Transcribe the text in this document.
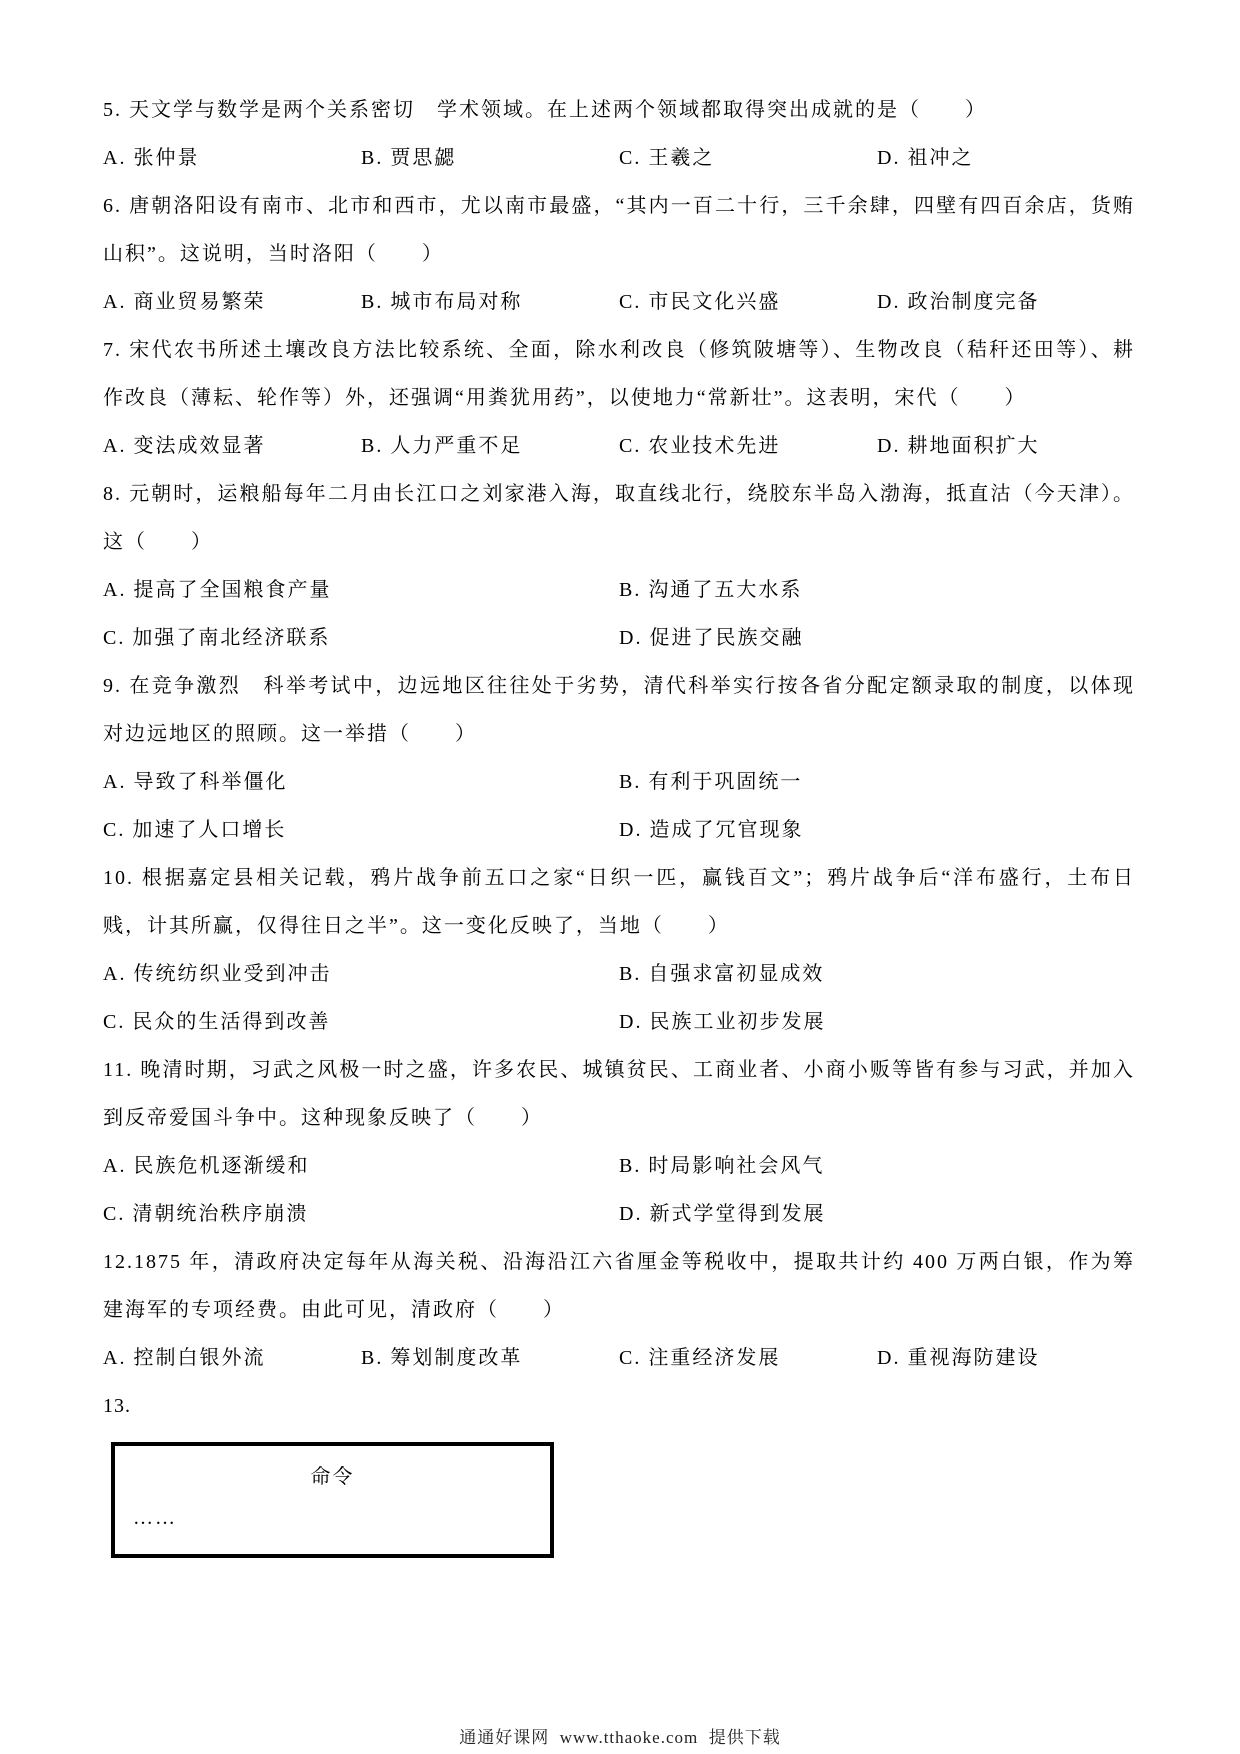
5. 天文学与数学是两个关系密切　学术领域。在上述两个领域都取得突出成就的是（　　）

A. 张仲景	B. 贾思勰	C. 王羲之	D. 祖冲之

6. 唐朝洛阳设有南市、北市和西市，尤以南市最盛，“其内一百二十行，三千余肆，四壁有四百余店，货贿山积”。这说明，当时洛阳（　　）

A. 商业贸易繁荣	B. 城市布局对称	C. 市民文化兴盛	D. 政治制度完备

7. 宋代农书所述土壤改良方法比较系统、全面，除水利改良（修筑陂塘等）、生物改良（秸秆还田等）、耕作改良（薄耘、轮作等）外，还强调“用粪犹用药”，以使地力“常新壮”。这表明，宋代（　　）

A. 变法成效显著	B. 人力严重不足	C. 农业技术先进	D. 耕地面积扩大

8. 元朝时，运粮船每年二月由长江口之刘家港入海，取直线北行，绕胶东半岛入渤海，抵直沽（今天津）。这（　　）

A. 提高了全国粮食产量	B. 沟通了五大水系
C. 加强了南北经济联系	D. 促进了民族交融

9. 在竞争激烈　科举考试中，边远地区往往处于劣势，清代科举实行按各省分配定额录取的制度，以体现对边远地区的照顾。这一举措（　　）

A. 导致了科举僵化	B. 有利于巩固统一
C. 加速了人口增长	D. 造成了冗官现象

10. 根据嘉定县相关记载，鸦片战争前五口之家“日织一匹，赢钱百文”；鸦片战争后“洋布盛行，土布日贱，计其所赢，仅得往日之半”。这一变化反映了，当地（　　）

A. 传统纺织业受到冲击	B. 自强求富初显成效
C. 民众的生活得到改善	D. 民族工业初步发展

11. 晚清时期，习武之风极一时之盛，许多农民、城镇贫民、工商业者、小商小贩等皆有参与习武，并加入到反帝爱国斗争中。这种现象反映了（　　）

A. 民族危机逐渐缓和	B. 时局影响社会风气
C. 清朝统治秩序崩溃	D. 新式学堂得到发展

12.1875 年，清政府决定每年从海关税、沿海沿江六省厘金等税收中，提取共计约 400 万两白银，作为筹建海军的专项经费。由此可见，清政府（　　）

A. 控制白银外流	B. 筹划制度改革	C. 注重经济发展	D. 重视海防建设

13.

命令
……
通通好课网  www.tthaoke.com  提供下载
